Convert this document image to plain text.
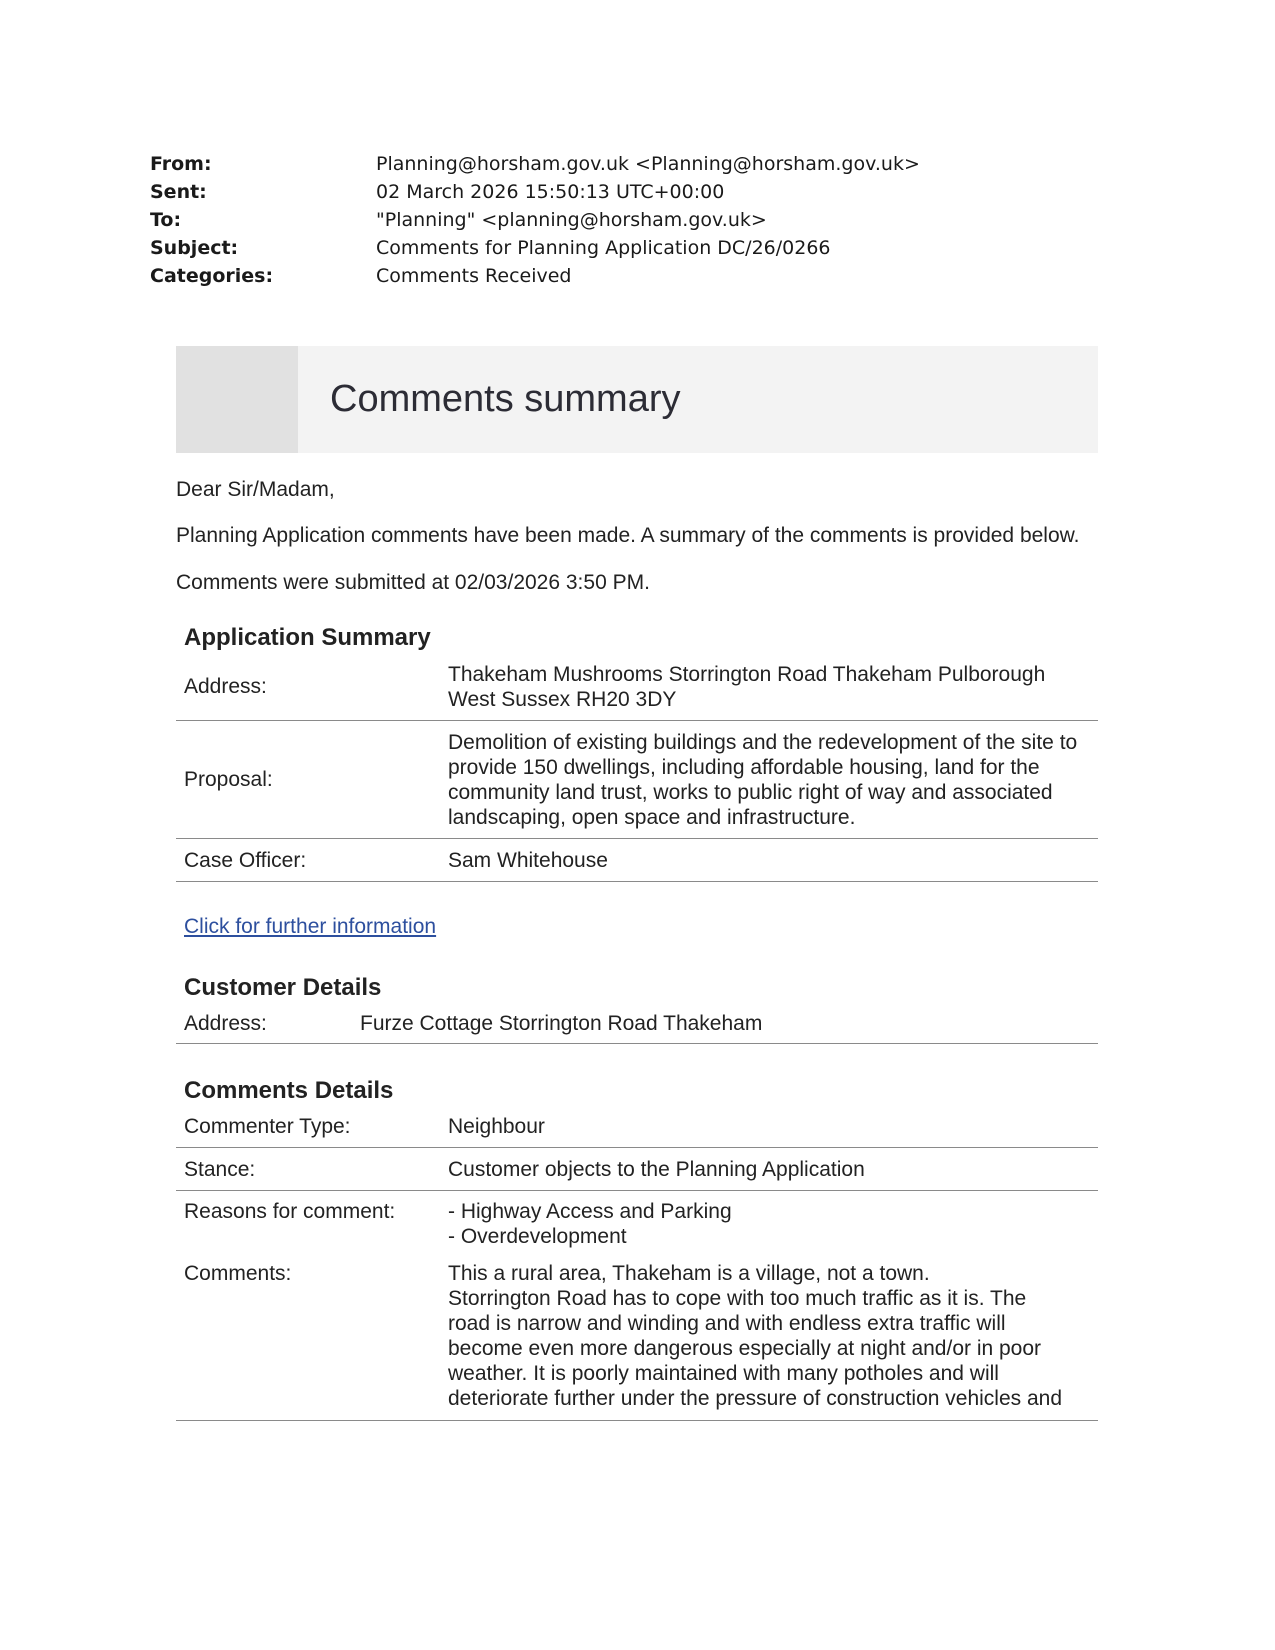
From:	Planning@horsham.gov.uk <Planning@horsham.gov.uk>
Sent:	02 March 2026 15:50:13 UTC+00:00
To:	"Planning" <planning@horsham.gov.uk>
Subject:	Comments for Planning Application DC/26/0266
Categories:	Comments Received
Comments summary

Dear Sir/Madam,

Planning Application comments have been made. A summary of the comments is provided below.

Comments were submitted at 02/03/2026 3:50 PM.

Application Summary
Address:
Thakeham Mushrooms Storrington Road Thakeham Pulborough West Sussex RH20 3DY
Proposal:
Demolition of existing buildings and the redevelopment of the site to provide 150 dwellings, including affordable housing, land for the community land trust, works to public right of way and associated landscaping, open space and infrastructure.
Case Officer:	Sam Whitehouse
Click for further information
Customer Details
Address:	Furze Cottage Storrington Road Thakeham
Comments Details
Commenter Type:	Neighbour
Stance:	Customer objects to the Planning Application
Reasons for comment:	- Highway Access and Parking
- Overdevelopment
Comments:	This a rural area, Thakeham is a village, not a town.
Storrington Road has to cope with too much traffic as it is. The
road is narrow and winding and with endless extra traffic will
become even more dangerous especially at night and/or in poor
weather. It is poorly maintained with many potholes and will
deteriorate further under the pressure of construction vehicles and
